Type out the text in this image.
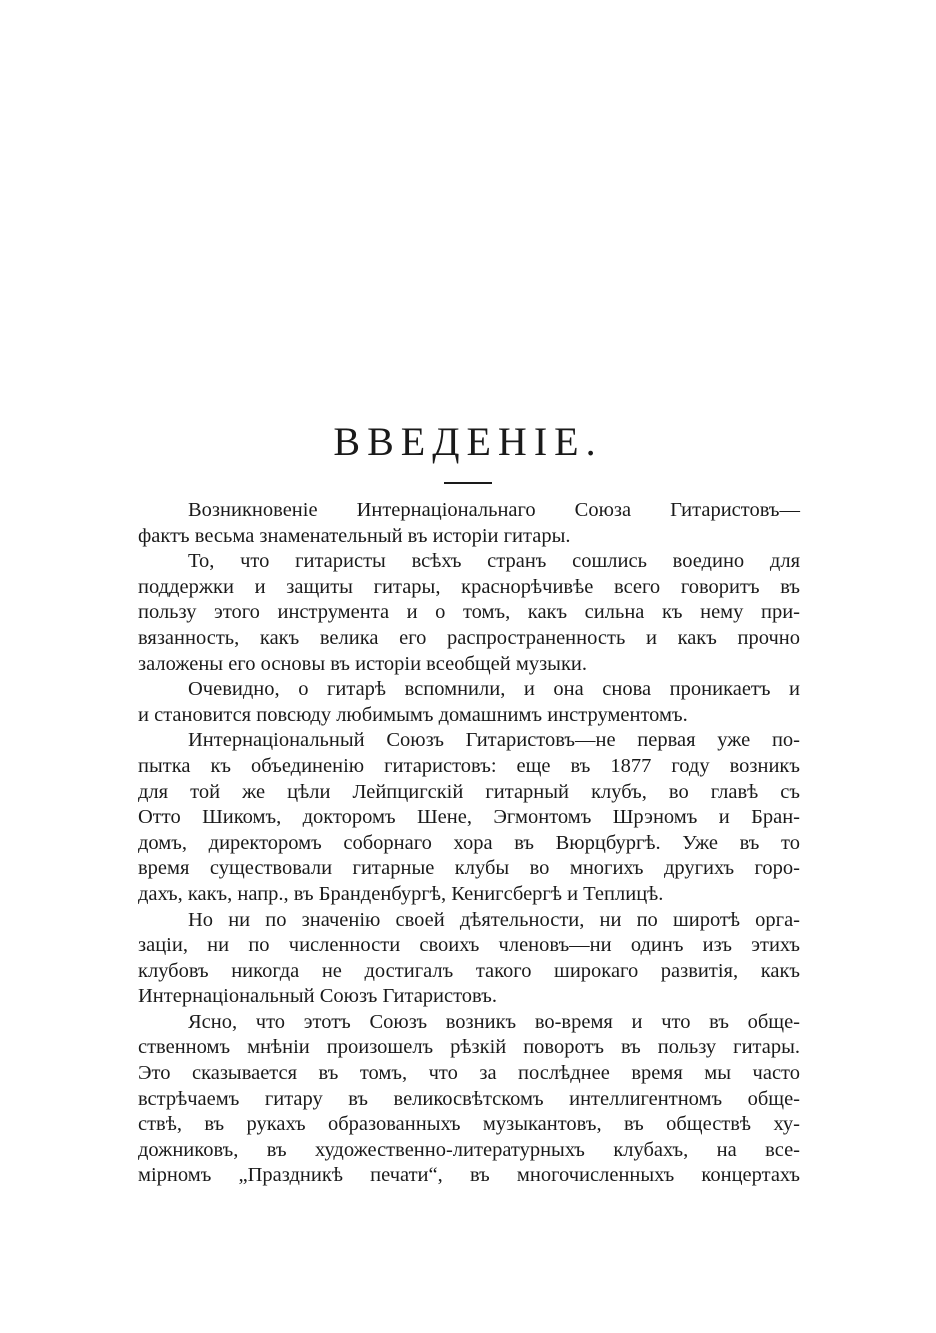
ВВЕДЕНІЕ.
Возникновеніе Интернаціональнаго Союза Гитаристовъ—
фактъ весьма знаменательный въ исторіи гитары.
То, что гитаристы всѣхъ странъ сошлись воедино для
поддержки и защиты гитары, краснорѣчивѣе всего говоритъ въ
пользу этого инструмента и о томъ, какъ сильна къ нему при-
вязанность, какъ велика его распространенность и какъ прочно
заложены его основы въ исторіи всеобщей музыки.
Очевидно, о гитарѣ вспомнили, и она снова проникаетъ и
и становится повсюду любимымъ домашнимъ инструментомъ.
Интернаціональный Союзъ Гитаристовъ—не первая уже по-
пытка къ объединенію гитаристовъ: еще въ 1877 году возникъ
для той же цѣли Лейпцигскій гитарный клубъ, во главѣ съ
Отто Шикомъ, докторомъ Шене, Эгмонтомъ Шрэномъ и Бран-
домъ, директоромъ соборнаго хора въ Вюрцбургѣ. Уже въ то
время существовали гитарные клубы во многихъ другихъ горо-
дахъ, какъ, напр., въ Бранденбургѣ, Кенигсбергѣ и Теплицѣ.
Но ни по значенію своей дѣятельности, ни по широтѣ орга-
заціи, ни по численности своихъ членовъ—ни одинъ изъ этихъ
клубовъ никогда не достигалъ такого широкаго развитія, какъ
Интернаціональный Союзъ Гитаристовъ.
Ясно, что этотъ Союзъ возникъ во-время и что въ обще-
ственномъ мнѣніи произошелъ рѣзкій поворотъ въ пользу гитары.
Это сказывается въ томъ, что за послѣднее время мы часто
встрѣчаемъ гитару въ великосвѣтскомъ интеллигентномъ обще-
ствѣ, въ рукахъ образованныхъ музыкантовъ, въ обществѣ ху-
дожниковъ, въ художественно-литературныхъ клубахъ, на все-
мірномъ „Праздникѣ печати“, въ многочисленныхъ концертахъ
